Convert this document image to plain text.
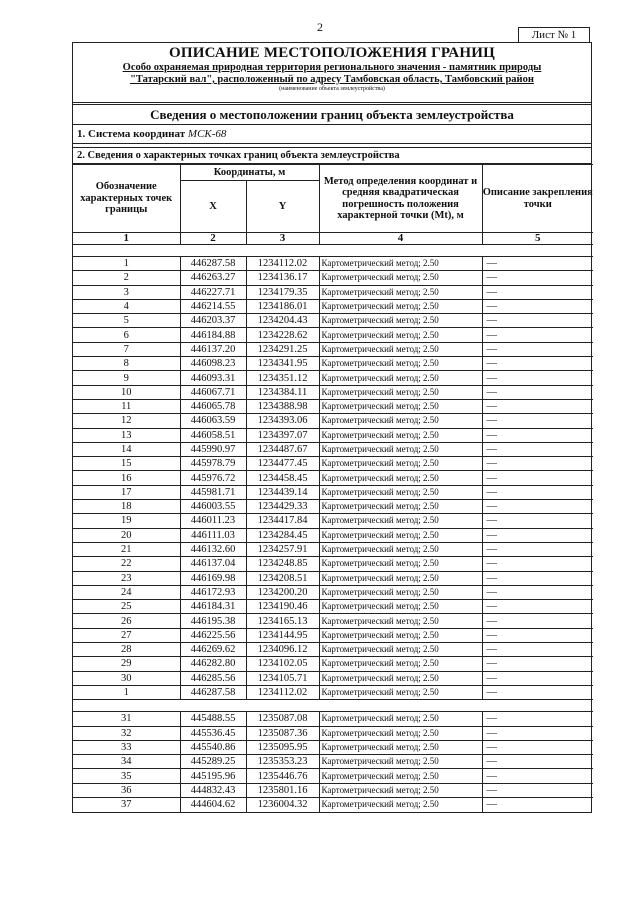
2
Лист № 1
ОПИСАНИЕ МЕСТОПОЛОЖЕНИЯ ГРАНИЦ
Особо охраняемая природная территория регионального значения - памятник природы
"Татарский вал", расположенный по адресу Тамбовская область, Тамбовский район
(наименование объекта землеустройства)
Сведения о местоположении границ объекта землеустройства
1. Система координат МСК-68
2. Сведения о характерных точках границ объекта землеустройства
Обозначение характерных точек границы	Координаты, м		Метод определения координат и средняя квадратическая погрешность положения характерной точки (Мt), м	Описание закрепления точки
	X	Y		
1	2	3	4	5

1	446287.58	1234112.02	Картометрический метод; 2.50	—
2	446263.27	1234136.17	Картометрический метод; 2.50	—
3	446227.71	1234179.35	Картометрический метод; 2.50	—
4	446214.55	1234186.01	Картометрический метод; 2.50	—
5	446203.37	1234204.43	Картометрический метод; 2.50	—
6	446184.88	1234228.62	Картометрический метод; 2.50	—
7	446137.20	1234291.25	Картометрический метод; 2.50	—
8	446098.23	1234341.95	Картометрический метод; 2.50	—
9	446093.31	1234351.12	Картометрический метод; 2.50	—
10	446067.71	1234384.11	Картометрический метод; 2.50	—
11	446065.78	1234388.98	Картометрический метод; 2.50	—
12	446063.59	1234393.06	Картометрический метод; 2.50	—
13	446058.51	1234397.07	Картометрический метод; 2.50	—
14	445990.97	1234487.67	Картометрический метод; 2.50	—
15	445978.79	1234477.45	Картометрический метод; 2.50	—
16	445976.72	1234458.45	Картометрический метод; 2.50	—
17	445981.71	1234439.14	Картометрический метод; 2.50	—
18	446003.55	1234429.33	Картометрический метод; 2.50	—
19	446011.23	1234417.84	Картометрический метод; 2.50	—
20	446111.03	1234284.45	Картометрический метод; 2.50	—
21	446132.60	1234257.91	Картометрический метод; 2.50	—
22	446137.04	1234248.85	Картометрический метод; 2.50	—
23	446169.98	1234208.51	Картометрический метод; 2.50	—
24	446172.93	1234200.20	Картометрический метод; 2.50	—
25	446184.31	1234190.46	Картометрический метод; 2.50	—
26	446195.38	1234165.13	Картометрический метод; 2.50	—
27	446225.56	1234144.95	Картометрический метод; 2.50	—
28	446269.62	1234096.12	Картометрический метод; 2.50	—
29	446282.80	1234102.05	Картометрический метод; 2.50	—
30	446285.56	1234105.71	Картометрический метод; 2.50	—
1	446287.58	1234112.02	Картометрический метод; 2.50	—

31	445488.55	1235087.08	Картометрический метод; 2.50	—
32	445536.45	1235087.36	Картометрический метод; 2.50	—
33	445540.86	1235095.95	Картометрический метод; 2.50	—
34	445289.25	1235353.23	Картометрический метод; 2.50	—
35	445195.96	1235446.76	Картометрический метод; 2.50	—
36	444832.43	1235801.16	Картометрический метод; 2.50	—
37	444604.62	1236004.32	Картометрический метод; 2.50	—
